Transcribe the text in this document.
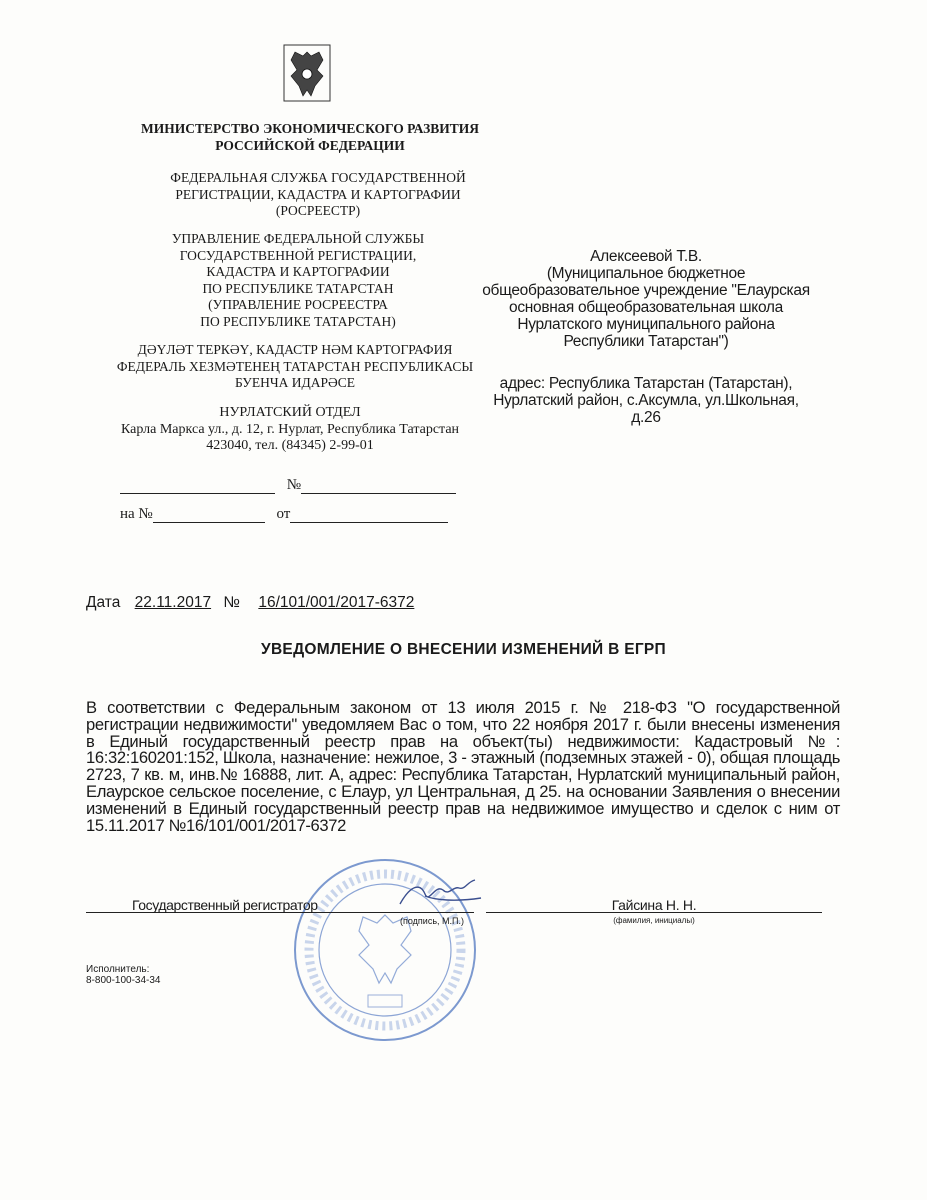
МИНИСТЕРСТВО ЭКОНОМИЧЕСКОГО РАЗВИТИЯ
РОССИЙСКОЙ ФЕДЕРАЦИИ
ФЕДЕРАЛЬНАЯ СЛУЖБА ГОСУДАРСТВЕННОЙ
РЕГИСТРАЦИИ, КАДАСТРА И КАРТОГРАФИИ
(РОСРЕЕСТР)
УПРАВЛЕНИЕ ФЕДЕРАЛЬНОЙ СЛУЖБЫ
ГОСУДАРСТВЕННОЙ РЕГИСТРАЦИИ,
КАДАСТРА И КАРТОГРАФИИ
ПО РЕСПУБЛИКЕ ТАТАРСТАН
(УПРАВЛЕНИЕ РОСРЕЕСТРА
ПО РЕСПУБЛИКЕ ТАТАРСТАН)
ДӘҮЛӘТ ТЕРКӘҮ, КАДАСТР НӘМ КАРТОГРАФИЯ
ФЕДЕРАЛЬ ХЕЗМӘТЕНЕҢ ТАТАРСТАН РЕСПУБЛИКАСЫ
БУЕНЧА ИДАРӘСЕ
НУРЛАТСКИЙ ОТДЕЛ
Карла Маркса ул., д. 12, г. Нурлат, Республика Татарстан
423040, тел. (84345) 2-99-01
№
на №	от
Алексеевой Т.В.
(Муниципальное бюджетное
общеобразовательное учреждение "Елаурская
основная общеобразовательная школа
Нурлатского муниципального района
Республики Татарстан")
адрес: Республика Татарстан (Татарстан),
Нурлатский район, с.Аксумла, ул.Школьная,
д.26
Дата 22.11.2017 № 16/101/001/2017-6372
УВЕДОМЛЕНИЕ О ВНЕСЕНИИ ИЗМЕНЕНИЙ В ЕГРП
В соответствии с Федеральным законом от 13 июля 2015 г. № 218-ФЗ "О государственной регистрации недвижимости" уведомляем Вас о том, что 22 ноября 2017 г. были внесены изменения в Единый государственный реестр прав на объект(ты) недвижимости: Кадастровый №: 16:32:160201:152, Школа, назначение: нежилое, 3 - этажный (подземных этажей - 0), общая площадь 2723, 7 кв. м, инв.№ 16888, лит. А, адрес: Республика Татарстан, Нурлатский муниципальный район, Елаурское сельское поселение, с Елаур, ул Центральная, д 25. на основании Заявления о внесении изменений в Единый государственный реестр прав на недвижимое имущество и сделок с ним от 15.11.2017 №16/101/001/2017-6372
Государственный регистратор
(подпись, М.П.)
Гайсина Н. Н.
(фамилия, инициалы)
Исполнитель:
8-800-100-34-34
